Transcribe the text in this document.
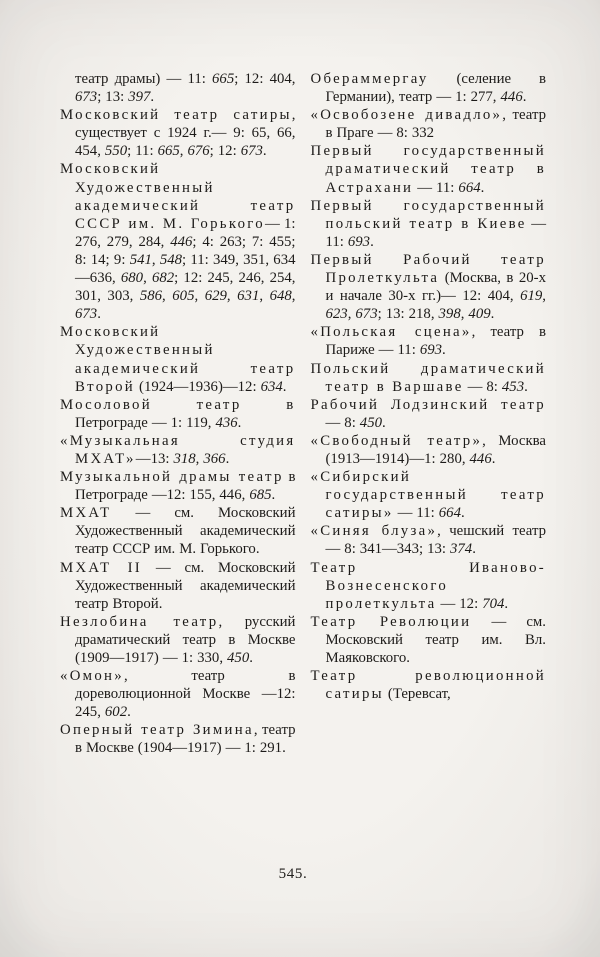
театр драмы) — 11: 665; 12: 404, 673; 13: 397.

Московский театр сатиры, существует с 1924 г.— 9: 65, 66, 454, 550; 11: 665, 676; 12: 673.

Московский Художественный академический театр СССР им. М. Горького— 1: 276, 279, 284, 446; 4: 263; 7: 455; 8: 14; 9: 541, 548; 11: 349, 351, 634—636, 680, 682; 12: 245, 246, 254, 301, 303, 586, 605, 629, 631, 648, 673.

Московский Художественный академический театр Второй (1924—1936)—12: 634.

Мосоловой театр в Петрограде — 1: 119, 436.

«Музыкальная студия МХАТ»—13: 318, 366.

Музыкальной драмы театр в Петрограде —12: 155, 446, 685.

МХАТ — см. Московский Художественный академический театр СССР им. М. Горького.

МХАТ II — см. Московский Художественный академический театр Второй.

Незлобина театр, русский драматический театр в Москве (1909—1917) — 1: 330, 450.

«Омон», театр в дореволюционной Москве —12: 245, 602.

Оперный театр Зимина, театр в Москве (1904—1917) — 1: 291.

Обераммергау (селение в Германии), театр — 1: 277, 446.

«Освобозене дивадло», театр в Праге — 8: 332

Первый государственный драматический театр в Астрахани — 11: 664.

Первый государственный польский театр в Киеве — 11: 693.

Первый Рабочий театр Пролеткульта (Москва, в 20-х и начале 30-х гг.)— 12: 404, 619, 623, 673; 13: 218, 398, 409.

«Польская сцена», театр в Париже — 11: 693.

Польский драматический театр в Варшаве — 8: 453.

Рабочий Лодзинский театр — 8: 450.

«Свободный театр», Москва (1913—1914)—1: 280, 446.

«Сибирский государственный театр сатиры» — 11: 664.

«Синяя блуза», чешский театр — 8: 341—343; 13: 374.

Театр Иваново-Вознесенского пролеткульта — 12: 704.

Театр Революции — см. Московский театр им. Вл. Маяковского.

Театр революционной сатиры (Теревсат,

545.
